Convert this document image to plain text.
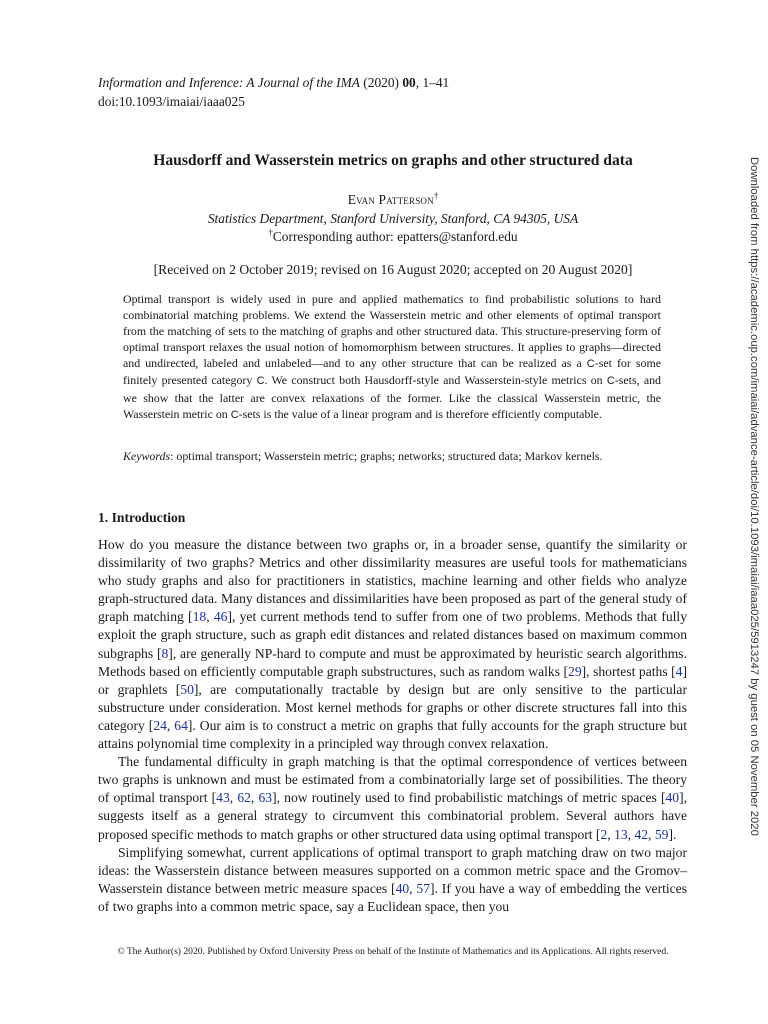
Information and Inference: A Journal of the IMA (2020) 00, 1–41
doi:10.1093/imaiai/iaaa025
Hausdorff and Wasserstein metrics on graphs and other structured data
Evan Patterson†
Statistics Department, Stanford University, Stanford, CA 94305, USA
†Corresponding author: epatters@stanford.edu
[Received on 2 October 2019; revised on 16 August 2020; accepted on 20 August 2020]
Optimal transport is widely used in pure and applied mathematics to find probabilistic solutions to hard combinatorial matching problems. We extend the Wasserstein metric and other elements of optimal transport from the matching of sets to the matching of graphs and other structured data. This structure-preserving form of optimal transport relaxes the usual notion of homomorphism between structures. It applies to graphs—directed and undirected, labeled and unlabeled—and to any other structure that can be realized as a C-set for some finitely presented category C. We construct both Hausdorff-style and Wasserstein-style metrics on C-sets, and we show that the latter are convex relaxations of the former. Like the classical Wasserstein metric, the Wasserstein metric on C-sets is the value of a linear program and is therefore efficiently computable.
Keywords: optimal transport; Wasserstein metric; graphs; networks; structured data; Markov kernels.
1. Introduction

How do you measure the distance between two graphs or, in a broader sense, quantify the similarity or dissimilarity of two graphs? Metrics and other dissimilarity measures are useful tools for mathematicians who study graphs and also for practitioners in statistics, machine learning and other fields who analyze graph-structured data. Many distances and dissimilarities have been proposed as part of the general study of graph matching [18, 46], yet current methods tend to suffer from one of two problems. Methods that fully exploit the graph structure, such as graph edit distances and related distances based on maximum common subgraphs [8], are generally NP-hard to compute and must be approximated by heuristic search algorithms. Methods based on efficiently computable graph substructures, such as random walks [29], shortest paths [4] or graphlets [50], are computationally tractable by design but are only sensitive to the particular substructure under consideration. Most kernel methods for graphs or other discrete structures fall into this category [24, 64]. Our aim is to construct a metric on graphs that fully accounts for the graph structure but attains polynomial time complexity in a principled way through convex relaxation.

The fundamental difficulty in graph matching is that the optimal correspondence of vertices between two graphs is unknown and must be estimated from a combinatorially large set of possibilities. The theory of optimal transport [43, 62, 63], now routinely used to find probabilistic matchings of metric spaces [40], suggests itself as a general strategy to circumvent this combinatorial problem. Several authors have proposed specific methods to match graphs or other structured data using optimal transport [2, 13, 42, 59].

Simplifying somewhat, current applications of optimal transport to graph matching draw on two major ideas: the Wasserstein distance between measures supported on a common metric space and the Gromov–Wasserstein distance between metric measure spaces [40, 57]. If you have a way of embedding the vertices of two graphs into a common metric space, say a Euclidean space, then you

Downloaded from https://academic.oup.com/imaiai/advance-article/doi/10.1093/imaiai/iaaa025/5913247 by guest on 05 November 2020
© The Author(s) 2020. Published by Oxford University Press on behalf of the Institute of Mathematics and its Applications. All rights reserved.
